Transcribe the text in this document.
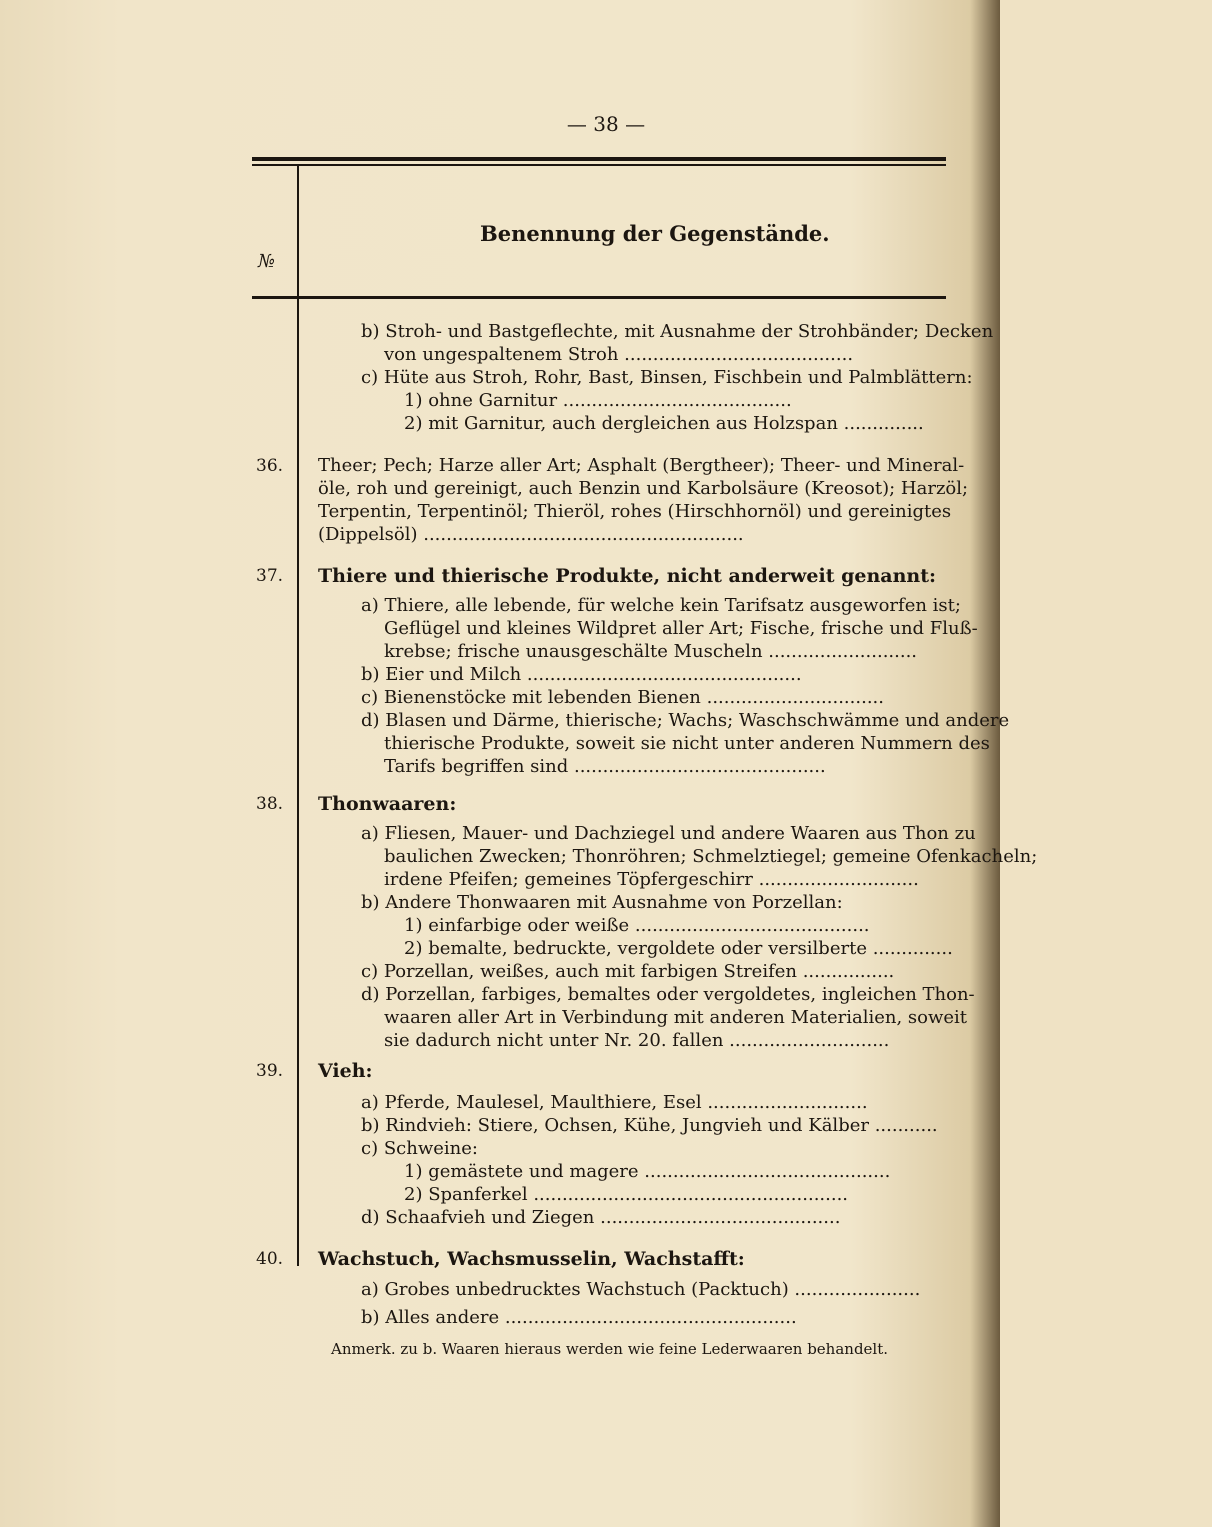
— 38 —
№
Benennung der Gegenstände.
b) Stroh- und Bastgeflechte, mit Ausnahme der Strohbänder; Decken
von ungespaltenem Stroh ........................................
c) Hüte aus Stroh, Rohr, Bast, Binsen, Fischbein und Palmblättern:
1) ohne Garnitur ........................................
2) mit Garnitur, auch dergleichen aus Holzspan ..............
36. Theer; Pech; Harze aller Art; Asphalt (Bergtheer); Theer- und Mineral-
öle, roh und gereinigt, auch Benzin und Karbolsäure (Kreosot); Harzöl;
Terpentin, Terpentinöl; Thieröl, rohes (Hirschhornöl) und gereinigtes
(Dippelsöl) ........................................................
37. Thiere und thierische Produkte, nicht anderweit genannt:
a) Thiere, alle lebende, für welche kein Tarifsatz ausgeworfen ist;
Geflügel und kleines Wildpret aller Art; Fische, frische und Fluß-
krebse; frische unausgeschälte Muscheln ..........................
b) Eier und Milch ................................................
c) Bienenstöcke mit lebenden Bienen ...............................
d) Blasen und Därme, thierische; Wachs; Waschschwämme und andere
thierische Produkte, soweit sie nicht unter anderen Nummern des
Tarifs begriffen sind ............................................
38. Thonwaaren:
a) Fliesen, Mauer- und Dachziegel und andere Waaren aus Thon zu
baulichen Zwecken; Thonröhren; Schmelztiegel; gemeine Ofenkacheln;
irdene Pfeifen; gemeines Töpfergeschirr ............................
b) Andere Thonwaaren mit Ausnahme von Porzellan:
1) einfarbige oder weiße .........................................
2) bemalte, bedruckte, vergoldete oder versilberte ..............
c) Porzellan, weißes, auch mit farbigen Streifen ................
d) Porzellan, farbiges, bemaltes oder vergoldetes, ingleichen Thon-
waaren aller Art in Verbindung mit anderen Materialien, soweit
sie dadurch nicht unter Nr. 20. fallen ............................
39. Vieh:
a) Pferde, Maulesel, Maulthiere, Esel ............................
b) Rindvieh: Stiere, Ochsen, Kühe, Jungvieh und Kälber ...........
c) Schweine:
1) gemästete und magere ...........................................
2) Spanferkel .......................................................
d) Schaafvieh und Ziegen ..........................................
40. Wachstuch, Wachsmusselin, Wachstafft:
a) Grobes unbedrucktes Wachstuch (Packtuch) ......................
b) Alles andere ...................................................
Anmerk. zu b. Waaren hieraus werden wie feine Lederwaaren behandelt.
